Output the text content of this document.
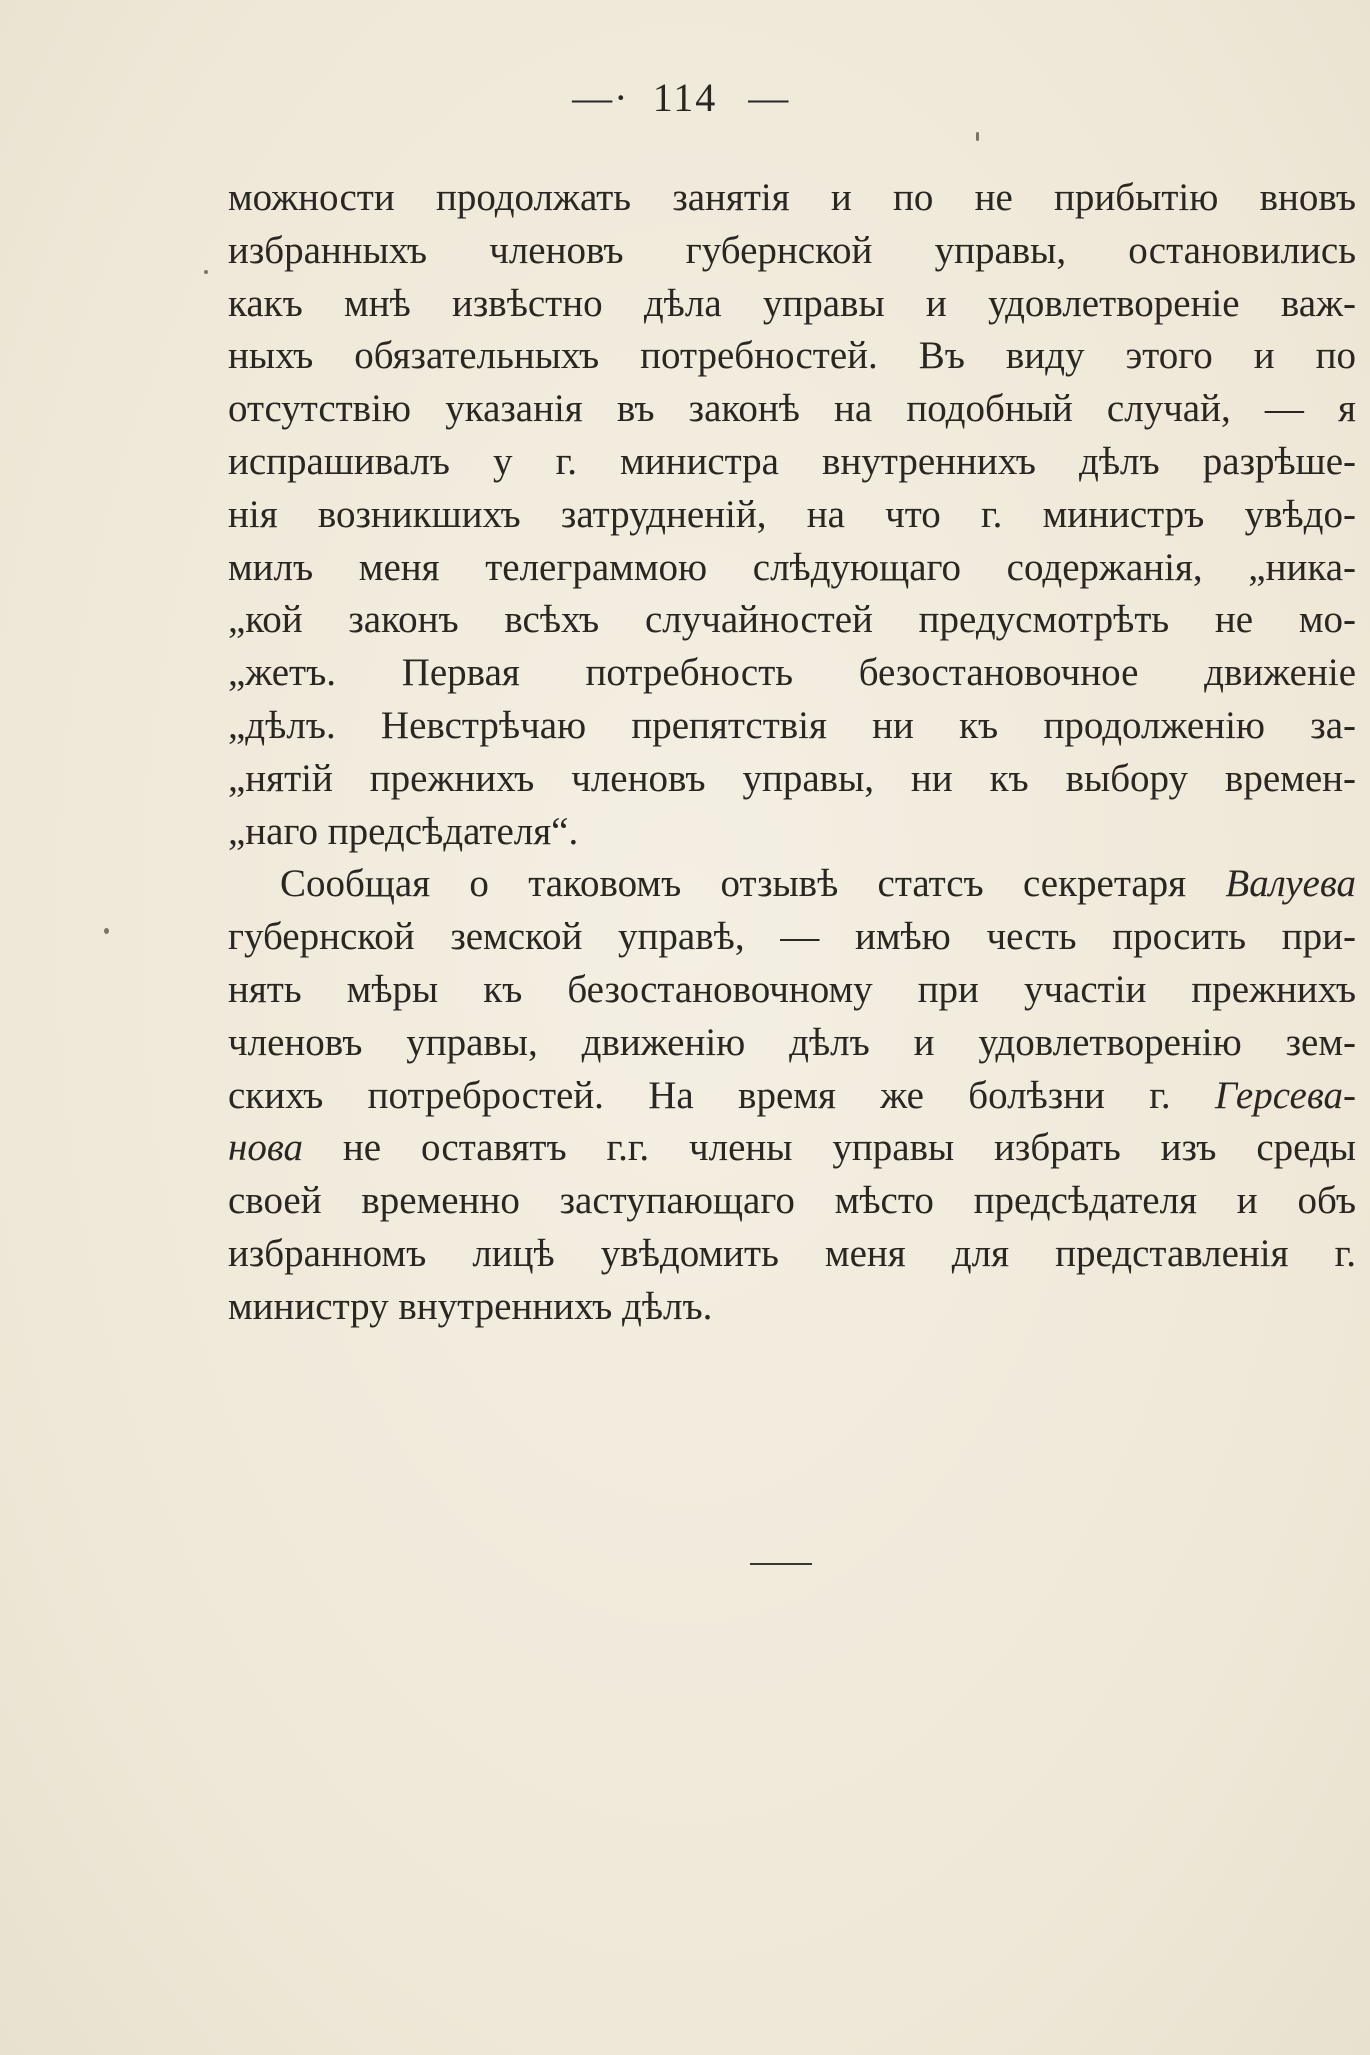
—· 114 —
можности продолжать занятія и по не прибытію вновъ
избранныхъ членовъ губернской управы, остановились
какъ мнѣ извѣстно дѣла управы и удовлетвореніе важ-
ныхъ обязательныхъ потребностей. Въ виду этого и по
отсутствію указанія въ законѣ на подобный случай, — я
испрашивалъ у г. министра внутреннихъ дѣлъ разрѣше-
нія возникшихъ затрудненій, на что г. министръ увѣдо-
милъ меня телеграммою слѣдующаго содержанія, „ника-
„кой законъ всѣхъ случайностей предусмотрѣть не мо-
„жетъ. Первая потребность безостановочное движеніе
„дѣлъ. Невстрѣчаю препятствія ни къ продолженію за-
„нятій прежнихъ членовъ управы, ни къ выбору времен-
„наго предсѣдателя“.
Сообщая о таковомъ отзывѣ статсъ секретаря Валуева
губернской земской управѣ, — имѣю честь просить при-
нять мѣры къ безостановочному при участіи прежнихъ
членовъ управы, движенію дѣлъ и удовлетворенію зем-
скихъ потребростей. На время же болѣзни г. Герсева-
нова не оставятъ г.г. члены управы избрать изъ среды
своей временно заступающаго мѣсто предсѣдателя и объ
избранномъ лицѣ увѣдомить меня для представленія г.
министру внутреннихъ дѣлъ.
